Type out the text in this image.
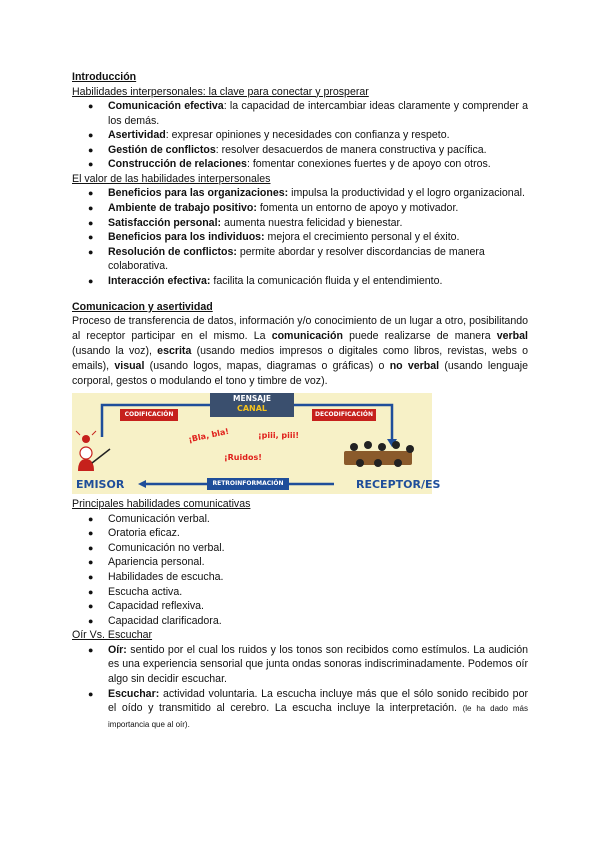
Introducción

Habilidades interpersonales: la clave para conectar y prosperar

● Comunicación efectiva: la capacidad de intercambiar ideas claramente y comprender a los demás.
● Asertividad: expresar opiniones y necesidades con confianza y respeto.
● Gestión de conflictos: resolver desacuerdos de manera constructiva y pacífica.
● Construcción de relaciones: fomentar conexiones fuertes y de apoyo con otros.

El valor de las habilidades interpersonales

● Beneficios para las organizaciones: impulsa la productividad y el logro organizacional.
● Ambiente de trabajo positivo: fomenta un entorno de apoyo y motivador.
● Satisfacción personal: aumenta nuestra felicidad y bienestar.
● Beneficios para los individuos: mejora el crecimiento personal y el éxito.
● Resolución de conflictos: permite abordar y resolver discordancias de manera colaborativa.
● Interacción efectiva: facilita la comunicación fluida y el entendimiento.

Comunicacion y asertividad

Proceso de transferencia de datos, información y/o conocimiento de un lugar a otro, posibilitando al receptor participar en el mismo. La comunicación puede realizarse de manera verbal (usando la voz), escrita (usando medios impresos o digitales como libros, revistas, webs o emails), visual (usando logos, mapas, diagramas o gráficas) o no verbal (usando lenguaje corporal, gestos o modulando el tono y timbre de voz).

MENSAJE
CANAL
CODIFICACIÓN	DECODIFICACIÓN
RETROINFORMACIÓN
¡Bla, bla!	¡piii, piii!
¡Ruidos!
EMISOR	RECEPTOR/ES

Principales habilidades comunicativas

● Comunicación verbal.
● Oratoria eficaz.
● Comunicación no verbal.
● Apariencia personal.
● Habilidades de escucha.
● Escucha activa.
● Capacidad reflexiva.
● Capacidad clarificadora.

Oír Vs. Escuchar

● Oír: sentido por el cual los ruidos y los tonos son recibidos como estímulos. La audición es una experiencia sensorial que junta ondas sonoras indiscriminadamente. Podemos oír algo sin decidir escuchar.
● Escuchar: actividad voluntaria. La escucha incluye más que el sólo sonido recibido por el oído y transmitido al cerebro. La escucha incluye la interpretación. (le ha dado más importancia que al oír).
